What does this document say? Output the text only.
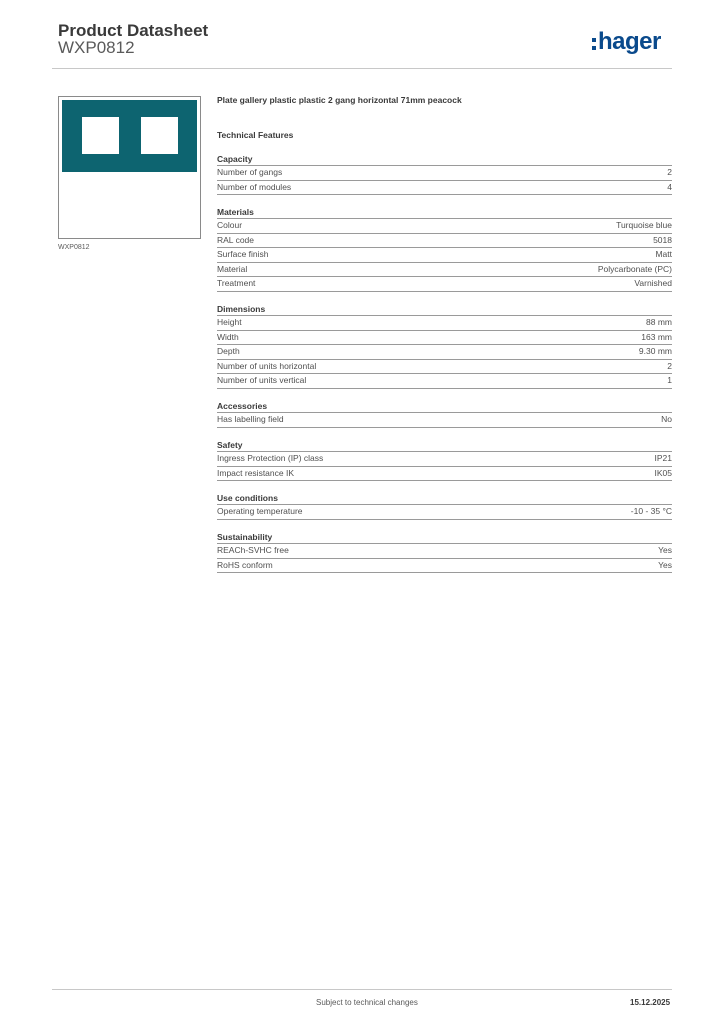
Product Datasheet
WXP0812	hager
WXP0812
Plate gallery plastic plastic 2 gang horizontal 71mm peacock
Technical Features
Capacity
Number of gangs	2
Number of modules	4
Materials
Colour	Turquoise blue
RAL code	5018
Surface finish	Matt
Material	Polycarbonate (PC)
Treatment	Varnished
Dimensions
Height	88 mm
Width	163 mm
Depth	9.30 mm
Number of units horizontal	2
Number of units vertical	1
Accessories
Has labelling field	No
Safety
Ingress Protection (IP) class	IP21
Impact resistance IK	IK05
Use conditions
Operating temperature	-10 - 35 °C
Sustainability
REACh-SVHC free	Yes
RoHS conform	Yes
Subject to technical changes	15.12.2025
